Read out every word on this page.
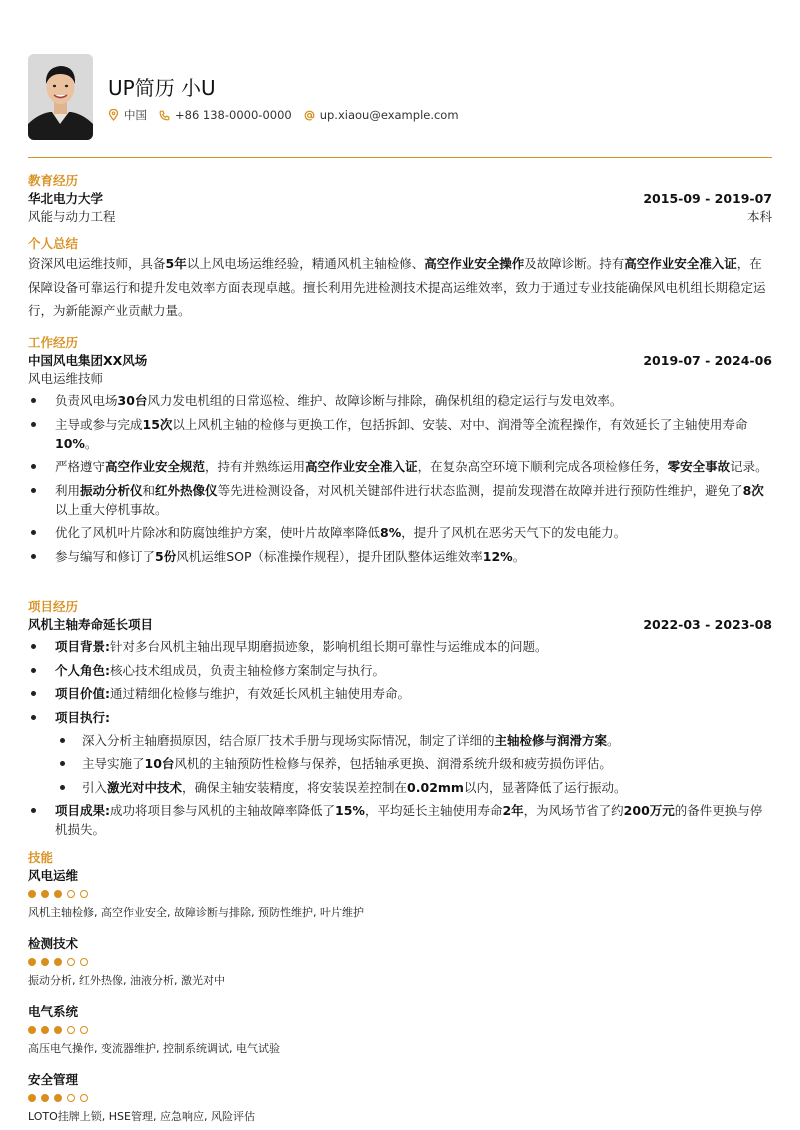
UP简历 小U
中国 +86 138-0000-0000 up.xiaou@example.com
教育经历
华北电力大学	2015-09 - 2019-07
风能与动力工程	本科
个人总结
资深风电运维技师，具备5年以上风电场运维经验，精通风机主轴检修、高空作业安全操作及故障诊断。持有高空作业安全准入证，在保障设备可靠运行和提升发电效率方面表现卓越。擅长利用先进检测技术提高运维效率，致力于通过专业技能确保风电机组长期稳定运行，为新能源产业贡献力量。
工作经历
中国风电集团XX风场	2019-07 - 2024-06
风电运维技师
负责风电场30台风力发电机组的日常巡检、维护、故障诊断与排除，确保机组的稳定运行与发电效率。
主导或参与完成15次以上风机主轴的检修与更换工作，包括拆卸、安装、对中、润滑等全流程操作，有效延长了主轴使用寿命10%。
严格遵守高空作业安全规范，持有并熟练运用高空作业安全准入证，在复杂高空环境下顺利完成各项检修任务，零安全事故记录。
利用振动分析仪和红外热像仪等先进检测设备，对风机关键部件进行状态监测，提前发现潜在故障并进行预防性维护，避免了8次以上重大停机事故。
优化了风机叶片除冰和防腐蚀维护方案，使叶片故障率降低8%，提升了风机在恶劣天气下的发电能力。
参与编写和修订了5份风机运维SOP（标准操作规程），提升团队整体运维效率12%。
项目经历
风机主轴寿命延长项目	2022-03 - 2023-08
项目背景:针对多台风机主轴出现早期磨损迹象，影响机组长期可靠性与运维成本的问题。
个人角色:核心技术组成员，负责主轴检修方案制定与执行。
项目价值:通过精细化检修与维护，有效延长风机主轴使用寿命。
项目执行:
深入分析主轴磨损原因，结合原厂技术手册与现场实际情况，制定了详细的主轴检修与润滑方案。
主导实施了10台风机的主轴预防性检修与保养，包括轴承更换、润滑系统升级和疲劳损伤评估。
引入激光对中技术，确保主轴安装精度，将安装误差控制在0.02mm以内，显著降低了运行振动。
项目成果:成功将项目参与风机的主轴故障率降低了15%，平均延长主轴使用寿命2年，为风场节省了约200万元的备件更换与停机损失。
技能
风电运维
风机主轴检修, 高空作业安全, 故障诊断与排除, 预防性维护, 叶片维护
检测技术
振动分析, 红外热像, 油液分析, 激光对中
电气系统
高压电气操作, 变流器维护, 控制系统调试, 电气试验
安全管理
LOTO挂牌上锁, HSE管理, 应急响应, 风险评估
